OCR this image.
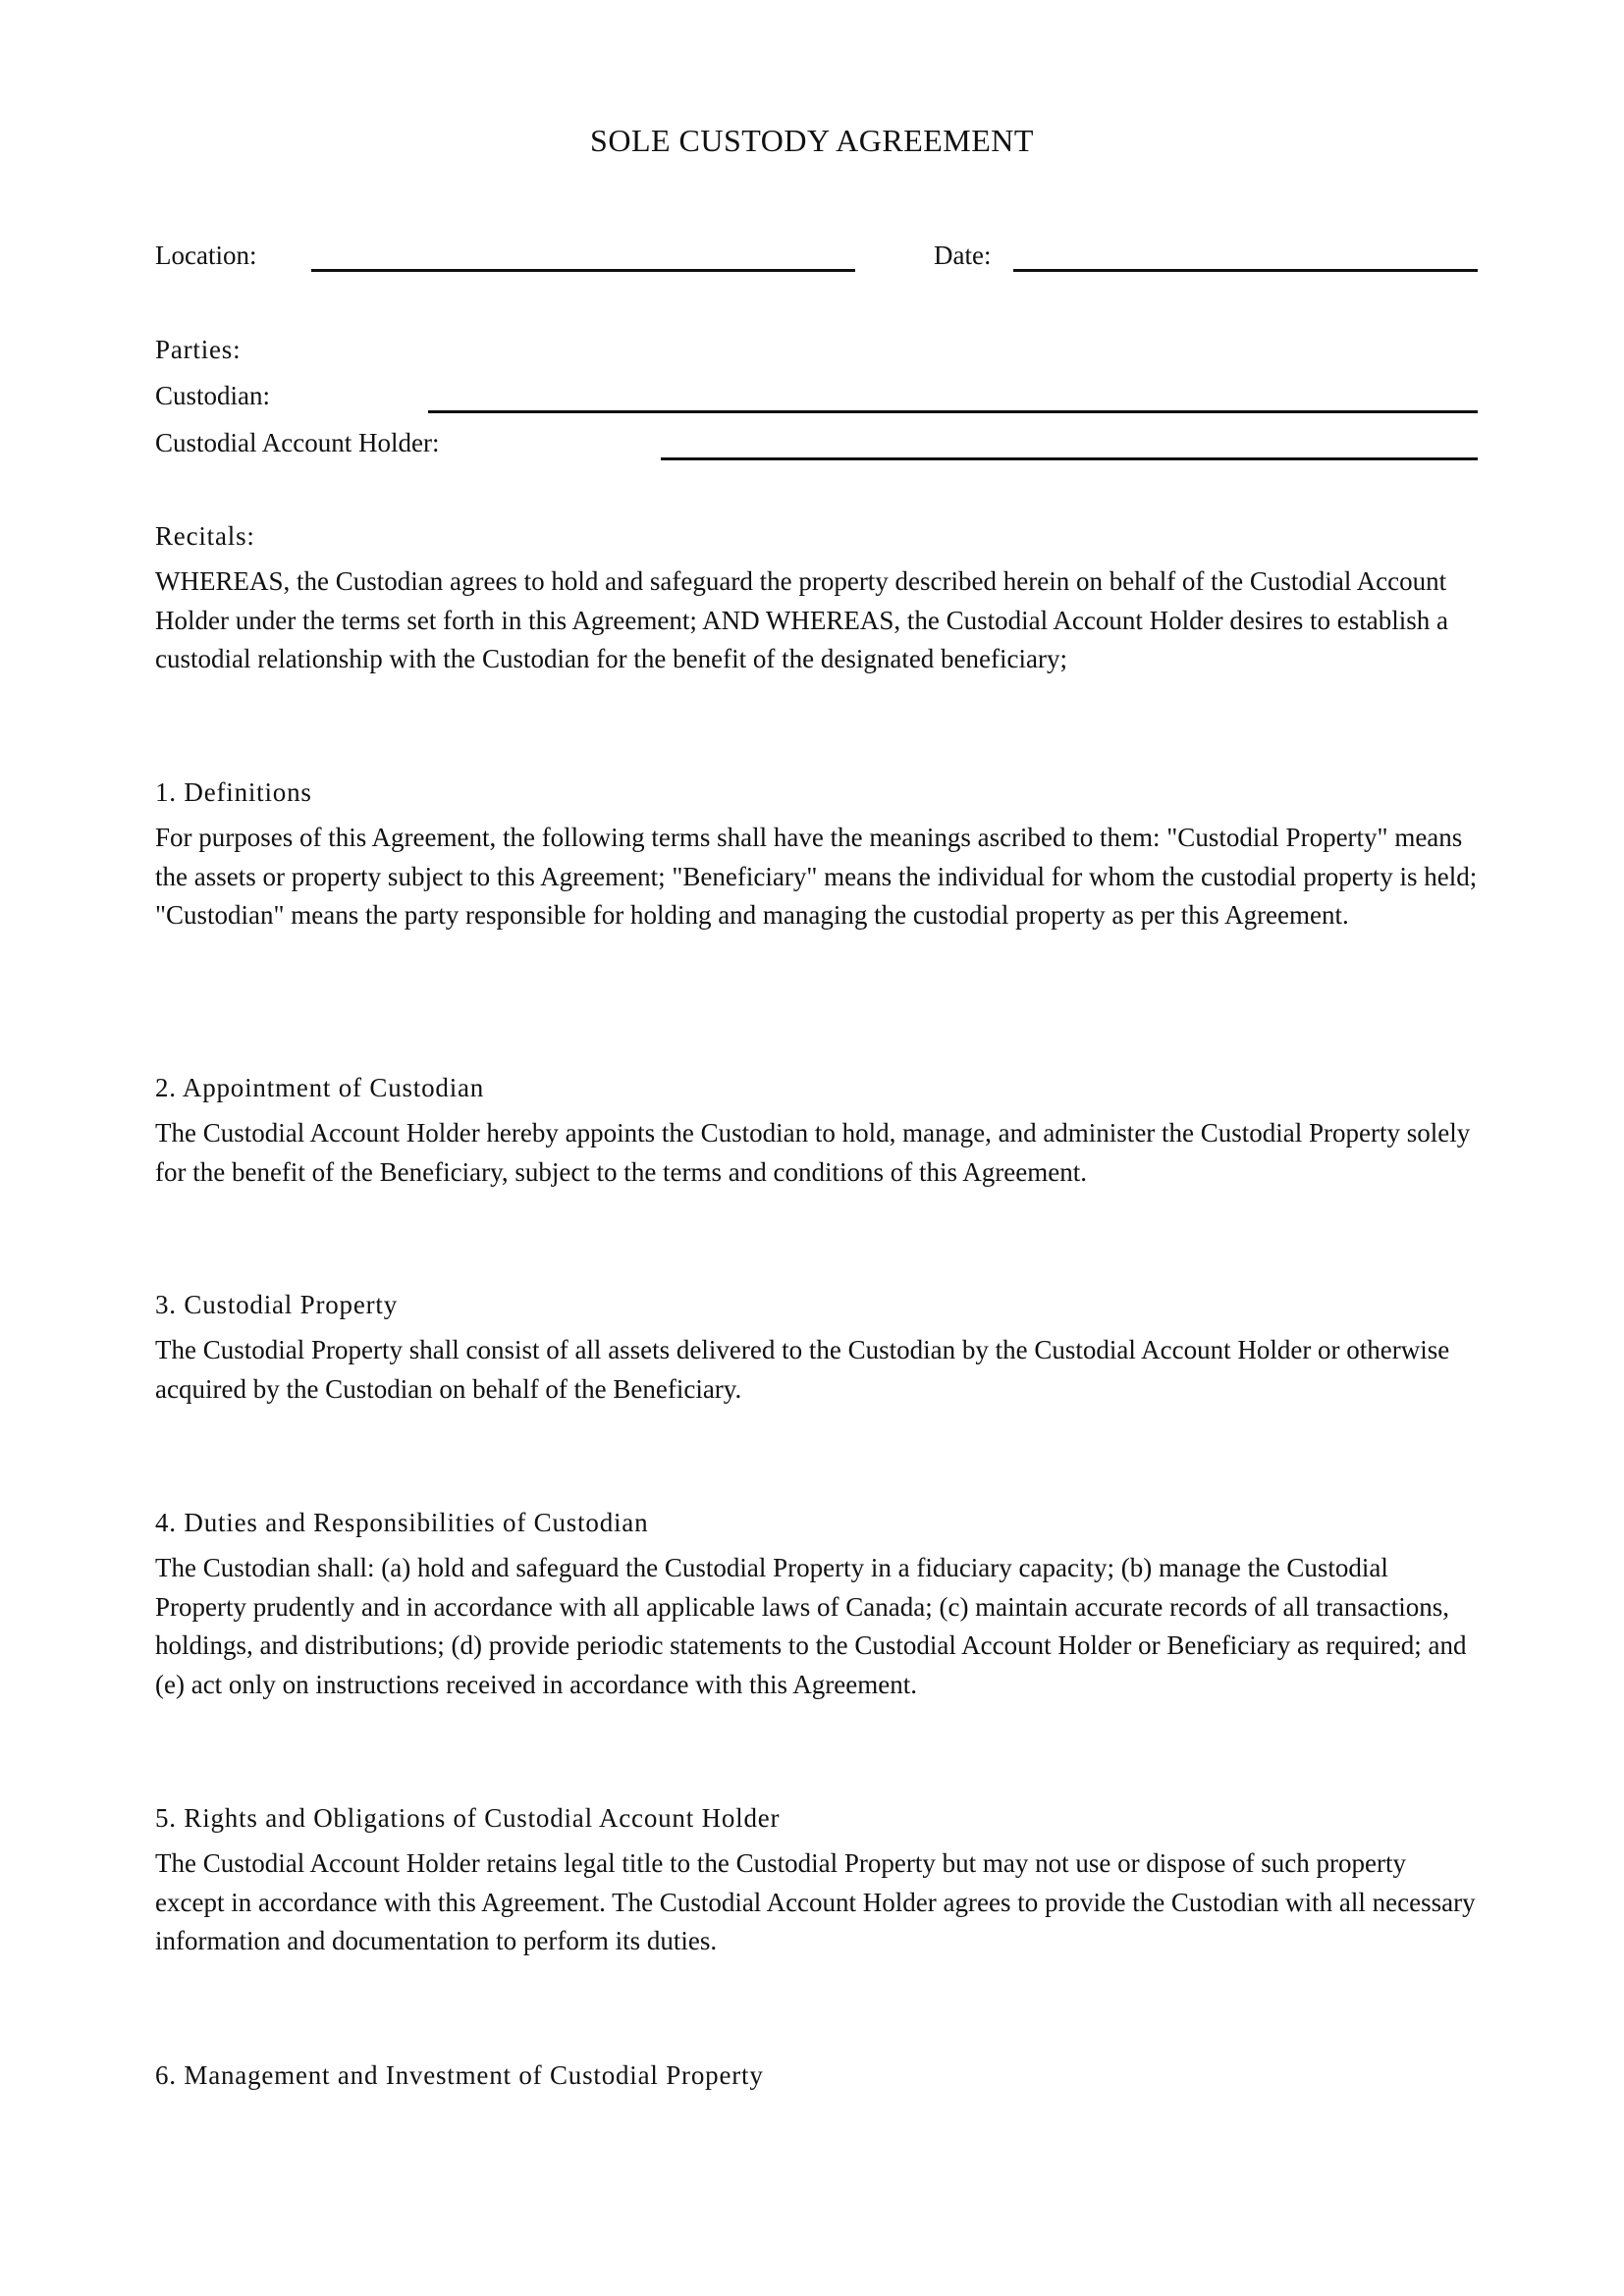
SOLE CUSTODY AGREEMENT
Location:	Date:
Parties:
Custodian:
Custodial Account Holder:
Recitals:

WHEREAS, the Custodian agrees to hold and safeguard the property described herein on behalf of the Custodial Account Holder under the terms set forth in this Agreement; AND WHEREAS, the Custodial Account Holder desires to establish a custodial relationship with the Custodian for the benefit of the designated beneficiary;

1. Definitions

For purposes of this Agreement, the following terms shall have the meanings ascribed to them: "Custodial Property" means the assets or property subject to this Agreement; "Beneficiary" means the individual for whom the custodial property is held; "Custodian" means the party responsible for holding and managing the custodial property as per this Agreement.

2. Appointment of Custodian

The Custodial Account Holder hereby appoints the Custodian to hold, manage, and administer the Custodial Property solely for the benefit of the Beneficiary, subject to the terms and conditions of this Agreement.

3. Custodial Property

The Custodial Property shall consist of all assets delivered to the Custodian by the Custodial Account Holder or otherwise acquired by the Custodian on behalf of the Beneficiary.

4. Duties and Responsibilities of Custodian

The Custodian shall: (a) hold and safeguard the Custodial Property in a fiduciary capacity; (b) manage the Custodial Property prudently and in accordance with all applicable laws of Canada; (c) maintain accurate records of all transactions, holdings, and distributions; (d) provide periodic statements to the Custodial Account Holder or Beneficiary as required; and (e) act only on instructions received in accordance with this Agreement.

5. Rights and Obligations of Custodial Account Holder

The Custodial Account Holder retains legal title to the Custodial Property but may not use or dispose of such property except in accordance with this Agreement. The Custodial Account Holder agrees to provide the Custodian with all necessary information and documentation to perform its duties.

6. Management and Investment of Custodial Property
